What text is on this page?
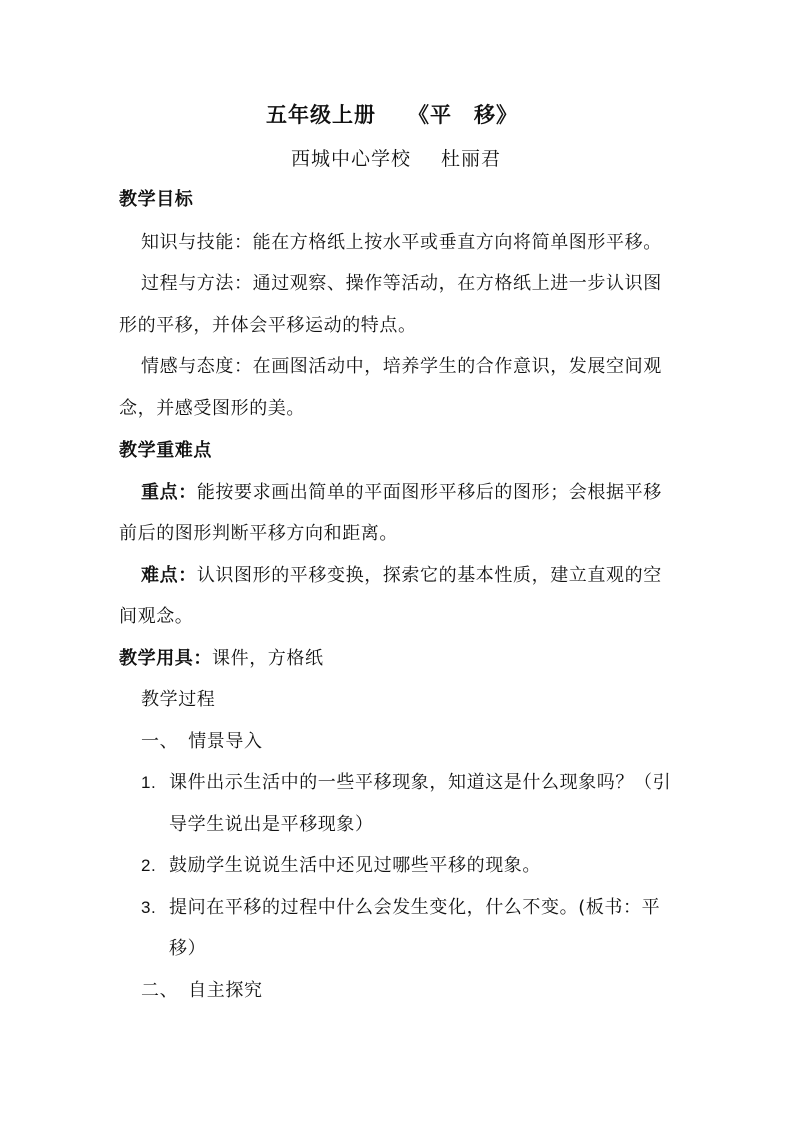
五年级上册 《平　移》
西城中心学校 杜丽君
教学目标
知识与技能：能在方格纸上按水平或垂直方向将简单图形平移。
过程与方法：通过观察、操作等活动，在方格纸上进一步认识图
形的平移，并体会平移运动的特点。
情感与态度：在画图活动中，培养学生的合作意识，发展空间观
念，并感受图形的美。
教学重难点
重点：能按要求画出简单的平面图形平移后的图形；会根据平移
前后的图形判断平移方向和距离。
难点：认识图形的平移变换，探索它的基本性质，建立直观的空
间观念。
教学用具：课件，方格纸
教学过程
一、 情景导入
1. 课件出示生活中的一些平移现象，知道这是什么现象吗？（引
导学生说出是平移现象）
2. 鼓励学生说说生活中还见过哪些平移的现象。
3. 提问在平移的过程中什么会发生变化，什么不变。(板书：平
移）
二、 自主探究
